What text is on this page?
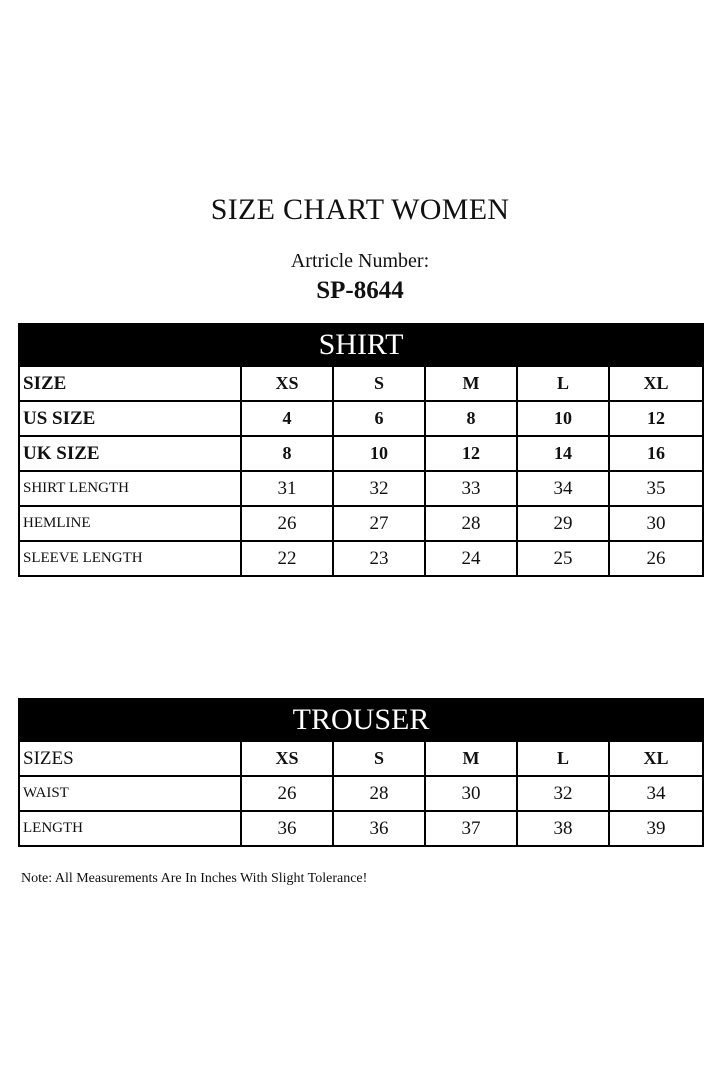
SIZE CHART WOMEN
Artricle Number:
SP-8644
SHIRT					
SIZE	XS	S	M	L	XL
US SIZE	4	6	8	10	12
UK SIZE	8	10	12	14	16
SHIRT LENGTH	31	32	33	34	35
HEMLINE	26	27	28	29	30
SLEEVE LENGTH	22	23	24	25	26
TROUSER					
SIZES	XS	S	M	L	XL
WAIST	26	28	30	32	34
LENGTH	36	36	37	38	39
Note: All Measurements Are In Inches With Slight Tolerance!
